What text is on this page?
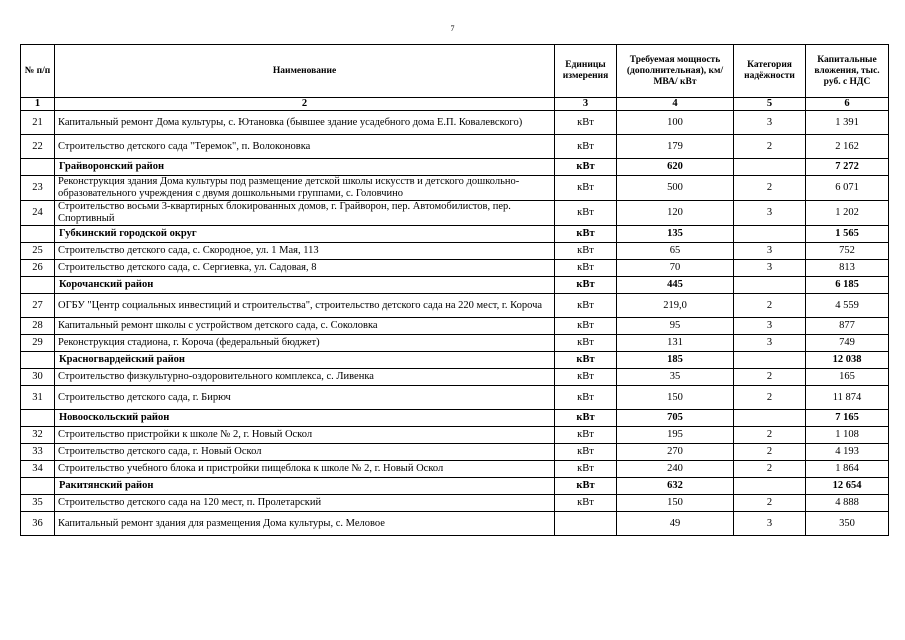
7
№ п/п	Наименование	Единицы измерения	Требуемая мощность (дополнительная), км/ МВА/ кВт	Категория надёжности	Капитальные вложения, тыс. руб. с НДС
1	2	3	4	5	6
21	Капитальный ремонт Дома культуры, с. Ютановка (бывшее здание усадебного дома Е.П. Ковалевского)	кВт	100	3	1 391
22	Строительство детского сада "Теремок", п. Волоконовка	кВт	179	2	2 162
	Грайворонский район	кВт	620		7 272
23	Реконструкция здания Дома культуры под размещение детской школы искусств и детского дошкольно-образовательного учреждения с двумя дошкольными группами, с. Головчино	кВт	500	2	6 071
24	Строительство восьми 3-квартирных блокированных домов, г. Грайворон, пер. Автомобилистов, пер. Спортивный	кВт	120	3	1 202
	Губкинский городской округ	кВт	135		1 565
25	Строительство детского сада, с. Скородное, ул. 1 Мая, 113	кВт	65	3	752
26	Строительство детского сада, с. Сергиевка, ул. Садовая, 8	кВт	70	3	813
	Корочанский район	кВт	445		6 185
27	ОГБУ "Центр социальных инвестиций и строительства", строительство детского сада на 220 мест, г. Короча	кВт	219,0	2	4 559
28	Капитальный ремонт школы с устройством детского сада, с. Соколовка	кВт	95	3	877
29	Реконструкция стадиона, г. Короча (федеральный бюджет)	кВт	131	3	749
	Красногвардейский район	кВт	185		12 038
30	Строительство физкультурно-оздоровительного комплекса, с. Ливенка	кВт	35	2	165
31	Строительство детского сада, г. Бирюч	кВт	150	2	11 874
	Новооскольский район	кВт	705		7 165
32	Строительство пристройки к школе № 2, г. Новый Оскол	кВт	195	2	1 108
33	Строительство детского сада, г. Новый Оскол	кВт	270	2	4 193
34	Строительство учебного блока и пристройки пищеблока к школе № 2, г. Новый Оскол	кВт	240	2	1 864
	Ракитянский район	кВт	632		12 654
35	Строительство детского сада на 120 мест, п. Пролетарский	кВт	150	2	4 888
36	Капитальный ремонт здания для размещения Дома культуры, с. Меловое		49	3	350
